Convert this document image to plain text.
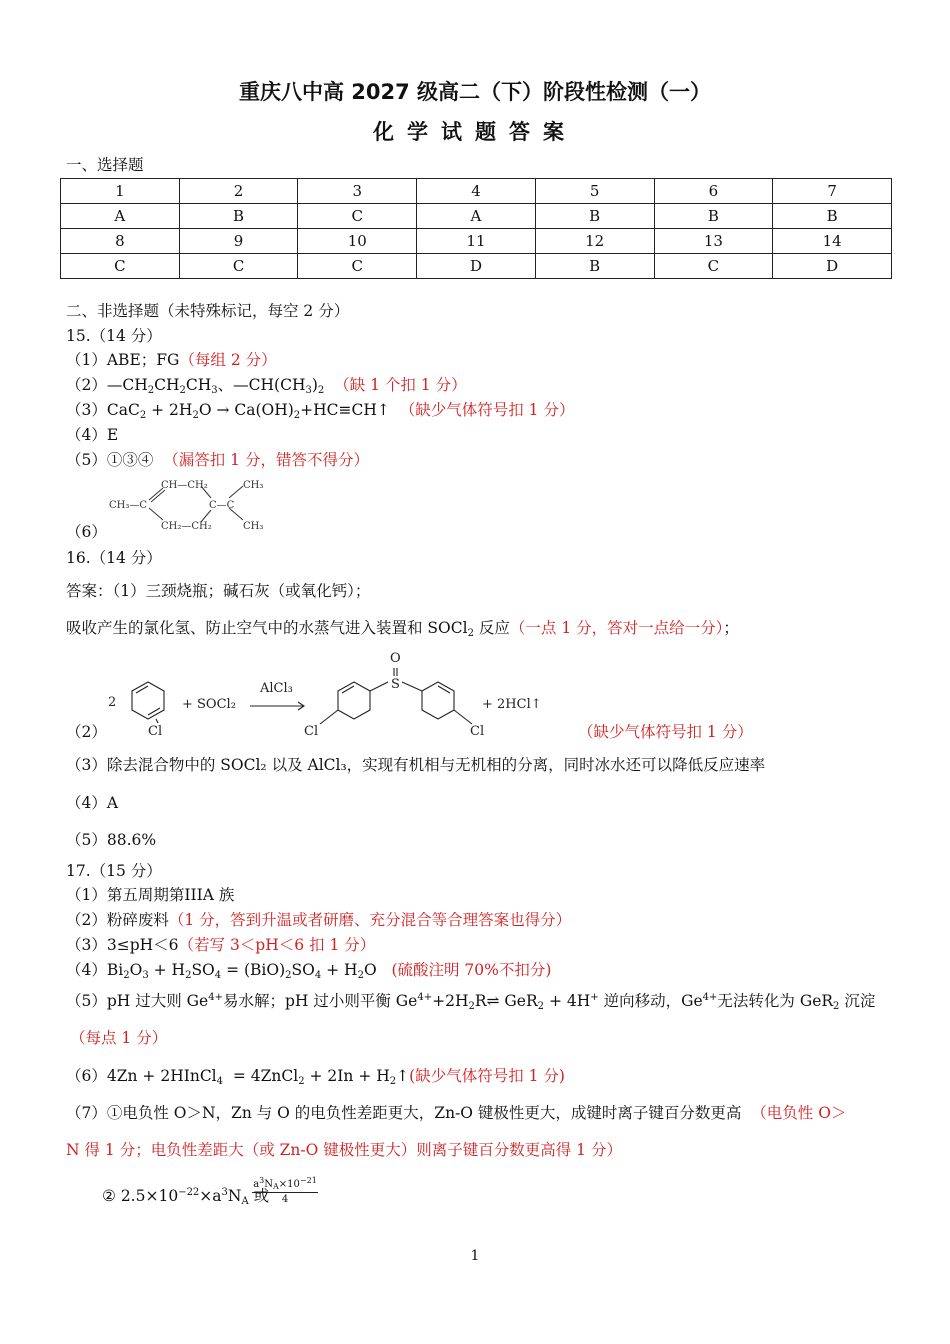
重庆八中高 2027 级高二（下）阶段性检测（一）
化学试题答案
一、选择题
1	2	3	4	5	6	7
A	B	C	A	B	B	B
8	9	10	11	12	13	14
C	C	C	D	B	C	D
二、非选择题（未特殊标记，每空 2 分）
15.（14 分）
（1）ABE；FG（每组 2 分）
$(2)—CH_2CH_2CH_3$、$—CH(CH_3)_2$ （缺 1 个扣 1 分）
$(3)CaC_2 + 2H_2O$ → $Ca(OH)_2+HC\equiv CH↑$  （缺少气体符号扣 1 分）
（4）E
（5）①③④ （漏答扣 1 分，错答不得分）
CH₃—C
CH—CH₂
CH₂—CH₂
C—C
CH₃
CH₃
（6）
16.（14 分）
答案：（1）三颈烧瓶；碱石灰（或氧化钙）；
吸收产生的氯化氢、防止空气中的水蒸气进入装置和 SOCl$_2$ 反应（一点 1 分，答对一点给一分）；
2	+ SOCl₂
AlCl₃
+ 2HCl↑
Cl	Cl	Cl
O
S
（2）	（缺少气体符号扣 1 分）
（3）除去混合物中的 SOCl₂ 以及 AlCl₃，实现有机相与无机相的分离，同时冰水还可以降低反应速率
（4）A
（5）88.6%
17.（15 分）
（1）第五周期第IIIA 族
（2）粉碎废料（1 分，答到升温或者研磨、充分混合等合理答案也得分）
（3）3≤pH＜6（若写 3＜pH＜6 扣 1 分）
$(4)Bi_2O_3 + H_2SO_4 = (BiO)_2SO_4 + H_2O$   (硫酸注明 70%不扣分)
（5）pH 过大则 $Ge^{4+}$易水解；pH 过小则平衡 $Ge^{4+}+2H_2R\rightleftharpoons$ GeR$_2$ + 4H+ 逆向移动，$Ge^{4+}$无法转化为 GeR$_2$ 沉淀
（每点 1 分）
（6）4Zn + 2HInCl$_4$  = 4ZnCl$_2$ + $2In + H_2↑$(缺少气体符号扣 1 分)
（7）①电负性 O＞N，Zn 与 O 的电负性差距更大，Zn-O 键极性更大，成键时离子键百分数更高 （电负性 O＞
N 得 1 分；电负性差距大（或 Zn-O 键极性更大）则离子键百分数更高得 1 分）
② $2.5\times 10^{-22}\times a^3N_A$ 或
$a^3N_A\times 10^{-21}$
4
1
